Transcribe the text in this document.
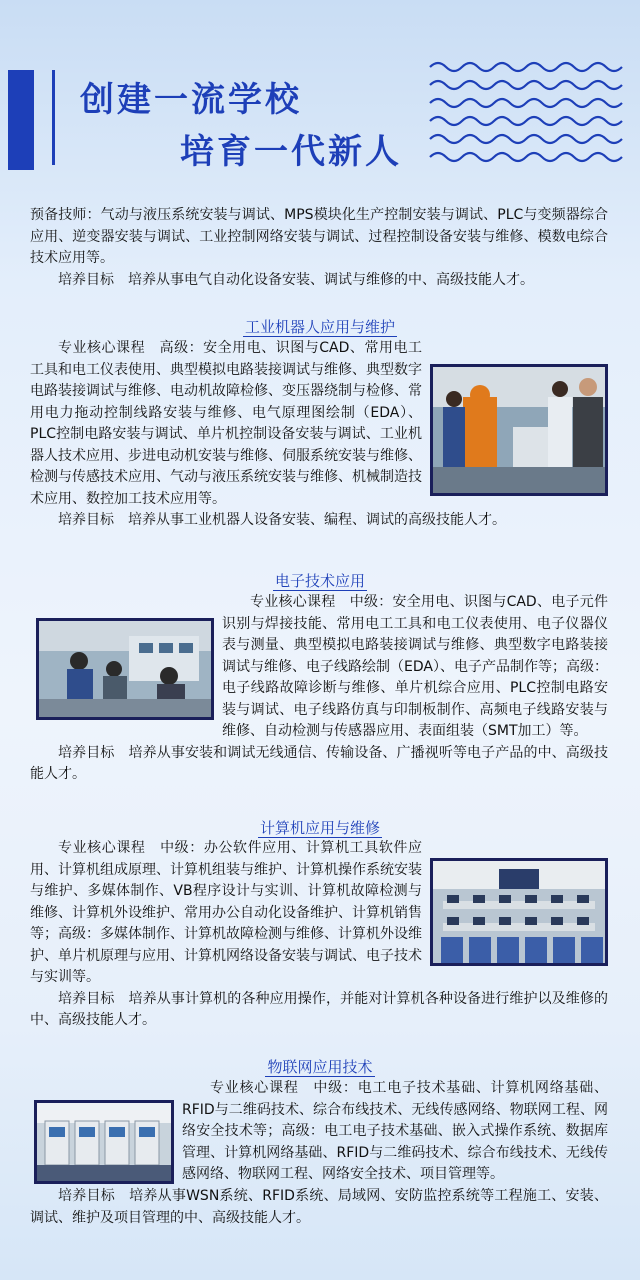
创建一流学校
培育一代新人
预备技师：气动与液压系统安装与调试、MPS模块化生产控制安装与调试、PLC与变频器综合应用、逆变器安装与调试、工业控制网络安装与调试、过程控制设备安装与维修、模数电综合技术应用等。
培养目标　培养从事电气自动化设备安装、调试与维修的中、高级技能人才。
工业机器人应用与维护
专业核心课程　高级：安全用电、识图与CAD、常用电工工具和电工仪表使用、典型模拟电路装接调试与维修、典型数字电路装接调试与维修、电动机故障检修、变压器绕制与检修、常用电力拖动控制线路安装与维修、电气原理图绘制（EDA）、PLC控制电路安装与调试、单片机控制设备安装与调试、工业机器人技术应用、步进电动机安装与维修、伺服系统安装与维修、检测与传感技术应用、气动与液压系统安装与维修、机械制造技术应用、数控加工技术应用等。
培养目标　培养从事工业机器人设备安装、编程、调试的高级技能人才。
电子技术应用
专业核心课程　中级：安全用电、识图与CAD、电子元件识别与焊接技能、常用电工工具和电工仪表使用、电子仪器仪表与测量、典型模拟电路装接调试与维修、典型数字电路装接调试与维修、电子线路绘制（EDA）、电子产品制作等；高级：电子线路故障诊断与维修、单片机综合应用、PLC控制电路安装与调试、电子线路仿真与印制板制作、高频电子线路安装与维修、自动检测与传感器应用、表面组装（SMT加工）等。
培养目标　培养从事安装和调试无线通信、传输设备、广播视听等电子产品的中、高级技能人才。
计算机应用与维修
专业核心课程　中级：办公软件应用、计算机工具软件应用、计算机组成原理、计算机组装与维护、计算机操作系统安装与维护、多媒体制作、VB程序设计与实训、计算机故障检测与维修、计算机外设维护、常用办公自动化设备维护、计算机销售等；高级：多媒体制作、计算机故障检测与维修、计算机外设维护、单片机原理与应用、计算机网络设备安装与调试、电子技术与实训等。
培养目标　培养从事计算机的各种应用操作，并能对计算机各种设备进行维护以及维修的中、高级技能人才。
物联网应用技术
专业核心课程　中级：电工电子技术基础、计算机网络基础、RFID与二维码技术、综合布线技术、无线传感网络、物联网工程、网络安全技术等；高级：电工电子技术基础、嵌入式操作系统、数据库管理、计算机网络基础、RFID与二维码技术、综合布线技术、无线传感网络、物联网工程、网络安全技术、项目管理等。
培养目标　培养从事WSN系统、RFID系统、局域网、安防监控系统等工程施工、安装、调试、维护及项目管理的中、高级技能人才。
